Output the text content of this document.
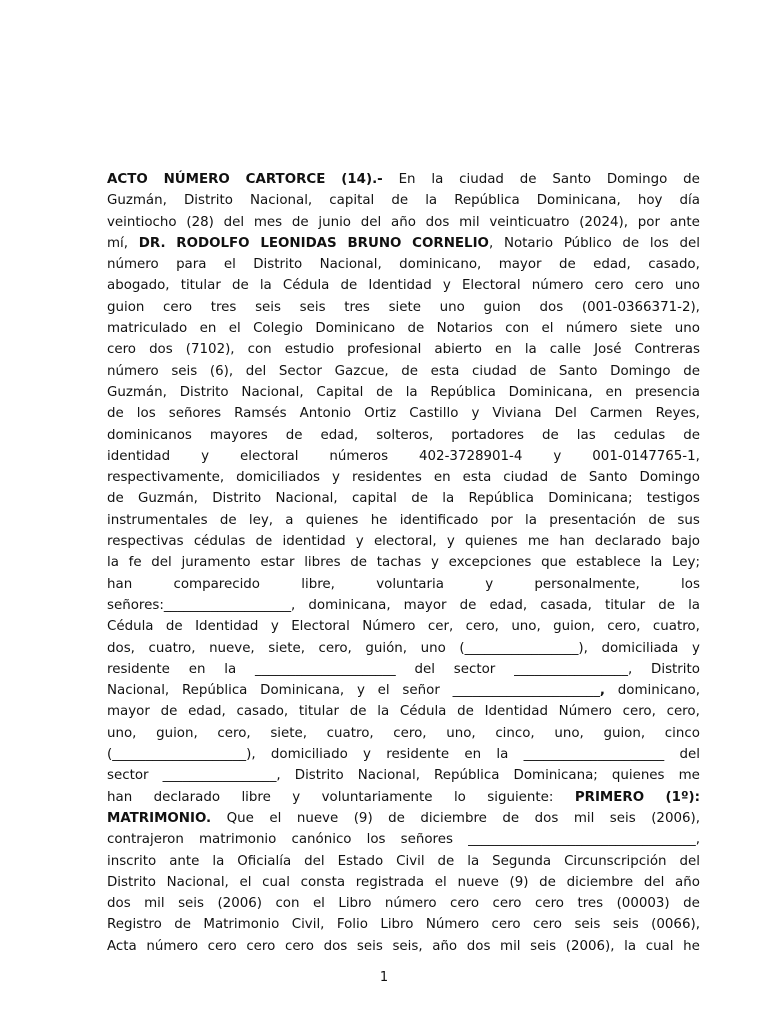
ACTO NÚMERO CARTORCE (14).- En la ciudad de Santo Domingo de
Guzmán, Distrito Nacional, capital de la República Dominicana, hoy día
veintiocho (28) del mes de junio del año dos mil veinticuatro (2024), por ante
mí, DR. RODOLFO LEONIDAS BRUNO CORNELIO, Notario Público de los del
número para el Distrito Nacional, dominicano, mayor de edad, casado,
abogado, titular de la Cédula de Identidad y Electoral número cero cero uno
guion cero tres seis seis tres siete uno guion dos (001-0366371-2),
matriculado en el Colegio Dominicano de Notarios con el número siete uno
cero dos (7102), con estudio profesional abierto en la calle José Contreras
número seis (6), del Sector Gazcue, de esta ciudad de Santo Domingo de
Guzmán, Distrito Nacional, Capital de la República Dominicana, en presencia
de los señores Ramsés Antonio Ortiz Castillo y Viviana Del Carmen Reyes,
dominicanos mayores de edad, solteros, portadores de las cedulas de
identidad y electoral números 402-3728901-4 y 001-0147765-1,
respectivamente, domiciliados y residentes en esta ciudad de Santo Domingo
de Guzmán, Distrito Nacional, capital de la República Dominicana; testigos
instrumentales de ley, a quienes he identificado por la presentación de sus
respectivas cédulas de identidad y electoral, y quienes me han declarado bajo
la fe del juramento estar libres de tachas y excepciones que establece la Ley;
han	comparecido	libre,	voluntaria	y	personalmente,	los
señores:___________________, dominicana, mayor de edad, casada, titular de la
Cédula de Identidad y Electoral Número cer, cero, uno, guion, cero, cuatro,
dos, cuatro, nueve, siete, cero, guión, uno (_________________), domiciliada y
residente en la _____________________ del sector _________________, Distrito
Nacional, República Dominicana, y el señor ______________________, dominicano,
mayor de edad, casado, titular de la Cédula de Identidad Número cero, cero,
uno, guion, cero, siete, cuatro, cero, uno, cinco, uno, guion, cinco
(____________________), domiciliado y residente en la _____________________ del
sector _________________, Distrito Nacional, República Dominicana; quienes me
han declarado libre y voluntariamente lo siguiente: PRIMERO (1º):
MATRIMONIO. Que el nueve (9) de diciembre de dos mil seis (2006),
contrajeron matrimonio canónico los señores __________________________________,
inscrito ante la Oficialía del Estado Civil de la Segunda Circunscripción del
Distrito Nacional, el cual consta registrada el nueve (9) de diciembre del año
dos mil seis (2006) con el Libro número cero cero cero tres (00003) de
Registro de Matrimonio Civil, Folio Libro Número cero cero seis seis (0066),
Acta número cero cero cero dos seis seis, año dos mil seis (2006), la cual he
1
